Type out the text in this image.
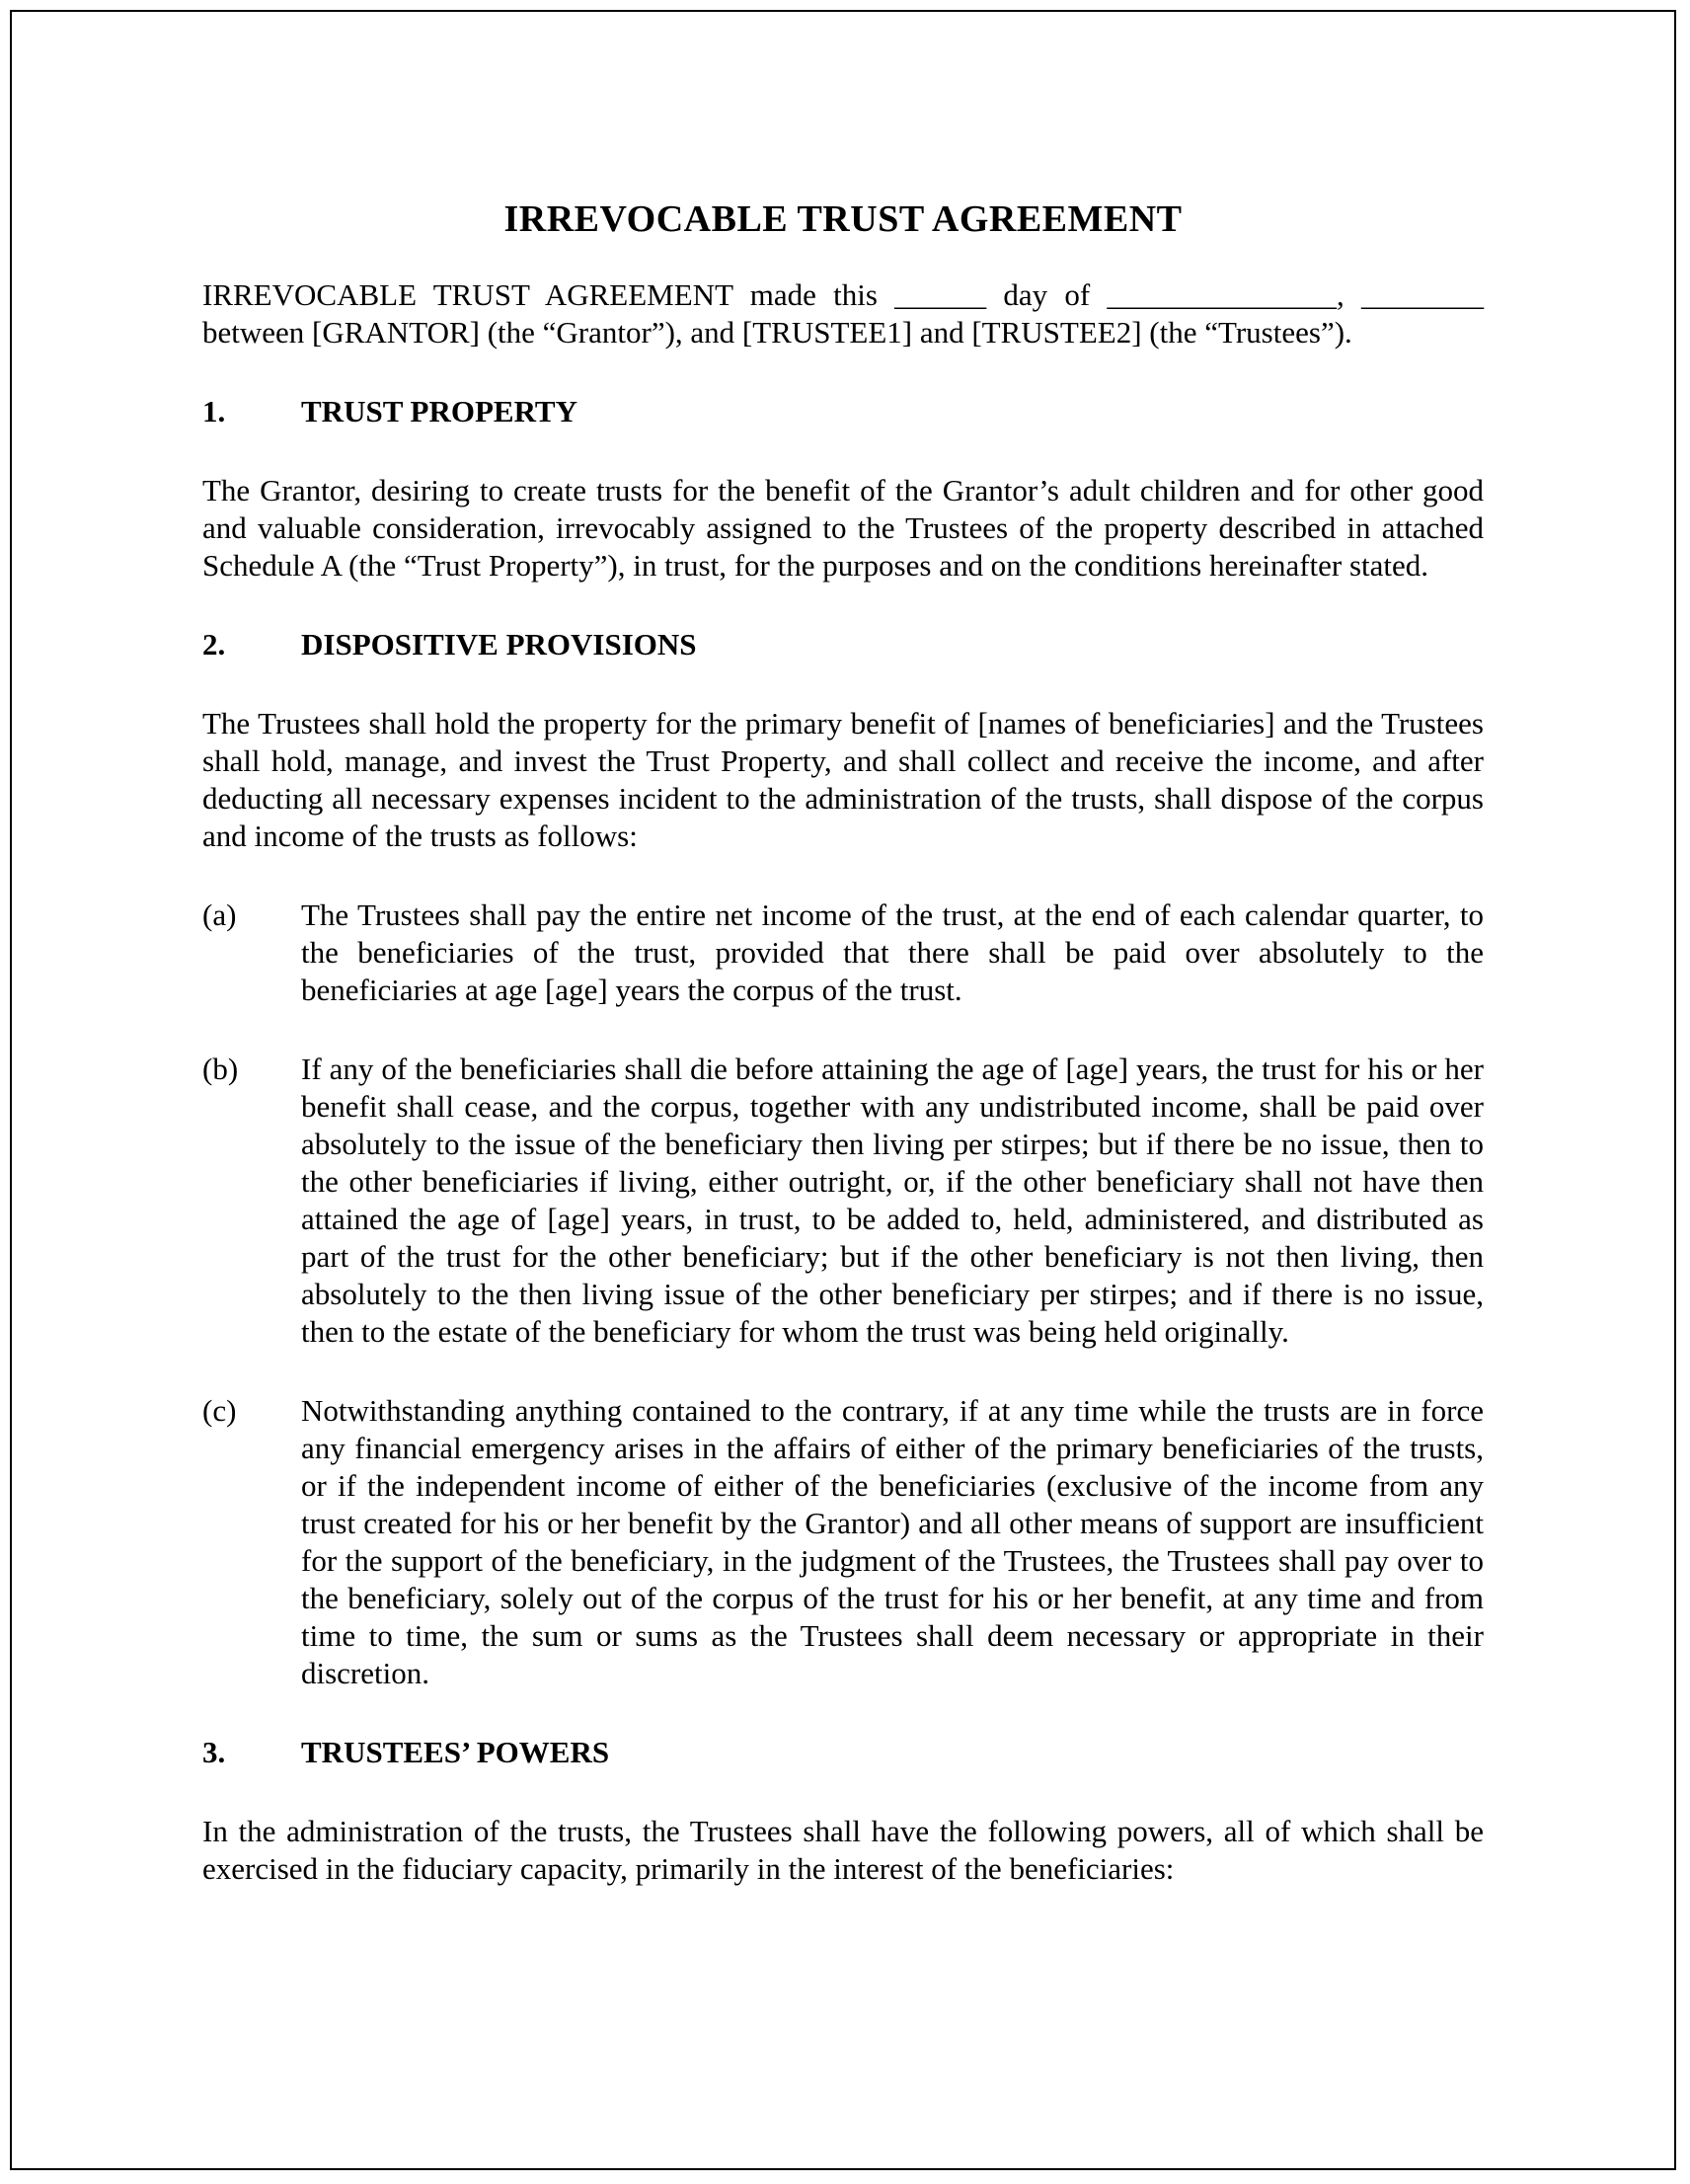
IRREVOCABLE TRUST AGREEMENT

IRREVOCABLE TRUST AGREEMENT made this ______ day of _______________, ________ between [GRANTOR] (the “Grantor”), and [TRUSTEE1] and [TRUSTEE2] (the “Trustees”).

1.	TRUST PROPERTY

The Grantor, desiring to create trusts for the benefit of the Grantor’s adult children and for other good and valuable consideration, irrevocably assigned to the Trustees of the property described in attached Schedule A (the “Trust Property”), in trust, for the purposes and on the conditions hereinafter stated.

2.	DISPOSITIVE PROVISIONS

The Trustees shall hold the property for the primary benefit of [names of beneficiaries] and the Trustees shall hold, manage, and invest the Trust Property, and shall collect and receive the income, and after deducting all necessary expenses incident to the administration of the trusts, shall dispose of the corpus and income of the trusts as follows:

(a) The Trustees shall pay the entire net income of the trust, at the end of each calendar quarter, to the beneficiaries of the trust, provided that there shall be paid over absolutely to the beneficiaries at age [age] years the corpus of the trust.
(b) If any of the beneficiaries shall die before attaining the age of [age] years, the trust for his or her benefit shall cease, and the corpus, together with any undistributed income, shall be paid over absolutely to the issue of the beneficiary then living per stirpes; but if there be no issue, then to the other beneficiaries if living, either outright, or, if the other beneficiary shall not have then attained the age of [age] years, in trust, to be added to, held, administered, and distributed as part of the trust for the other beneficiary; but if the other beneficiary is not then living, then absolutely to the then living issue of the other beneficiary per stirpes; and if there is no issue, then to the estate of the beneficiary for whom the trust was being held originally.
(c) Notwithstanding anything contained to the contrary, if at any time while the trusts are in force any financial emergency arises in the affairs of either of the primary beneficiaries of the trusts, or if the independent income of either of the beneficiaries (exclusive of the income from any trust created for his or her benefit by the Grantor) and all other means of support are insufficient for the support of the beneficiary, in the judgment of the Trustees, the Trustees shall pay over to the beneficiary, solely out of the corpus of the trust for his or her benefit, at any time and from time to time, the sum or sums as the Trustees shall deem necessary or appropriate in their discretion.
3.	TRUSTEES’ POWERS

In the administration of the trusts, the Trustees shall have the following powers, all of which shall be exercised in the fiduciary capacity, primarily in the interest of the beneficiaries:
